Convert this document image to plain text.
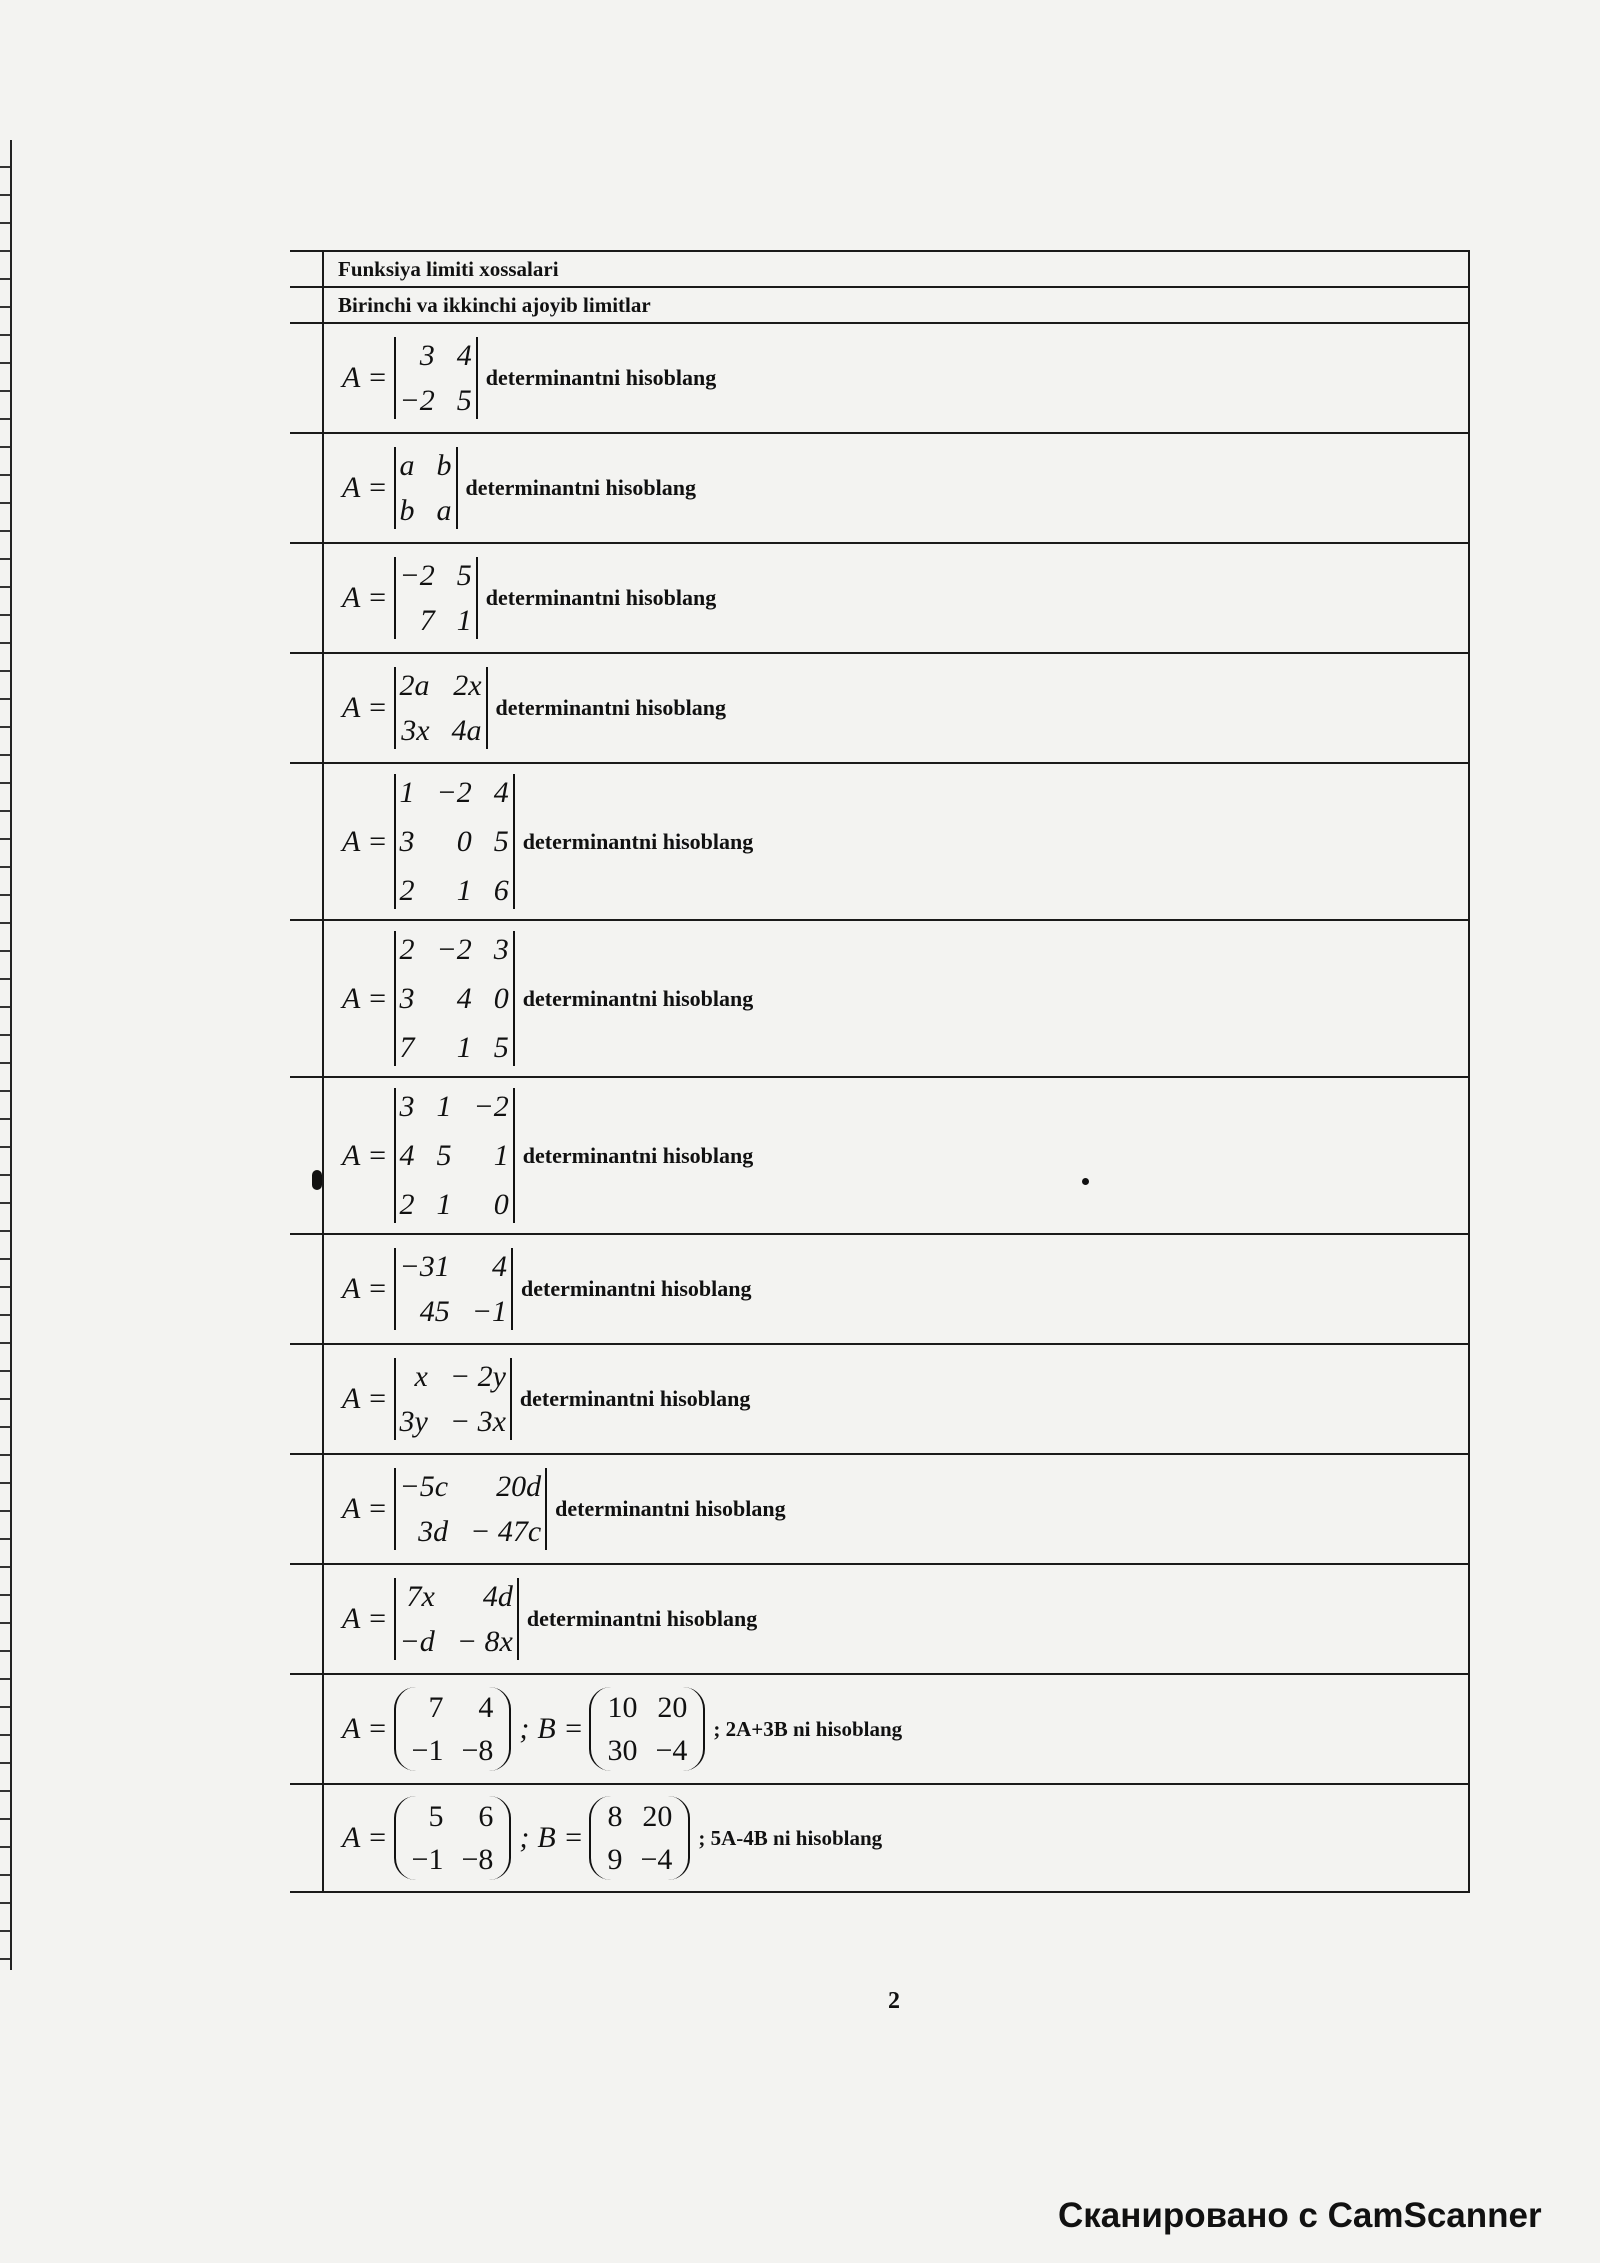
Funksiya limiti xossalari
Birinchi va ikkinchi ajoyib limitlar
A =
3 4
−2 5
determinantni hisoblang
A =
a b
b a
determinantni hisoblang
A =
−2 5
7 1
determinantni hisoblang
A =
2a 2x
3x 4a
determinantni hisoblang
A =
1 −2 4
3	0 5
2	1 6
determinantni hisoblang
A =
2 −2 3
3	4 0
7	1 5
determinantni hisoblang
A =
3 1 −2
4 5	1
2 1	0
determinantni hisoblang
A =
−31	4
45 −1
determinantni hisoblang
A =
x − 2y
3y − 3x
determinantni hisoblang
A =
−5c	20d
3d − 47c
determinantni hisoblang
A =
7x	4d
−d − 8x
determinantni hisoblang
A =
7	4
−1 −8
; B =
10 20
30 −4
; 2A+3B ni hisoblang
A =
5	6
−1 −8
; B =
8 20
9 −4
; 5A-4B ni hisoblang
2
Сканировано с CamScanner
